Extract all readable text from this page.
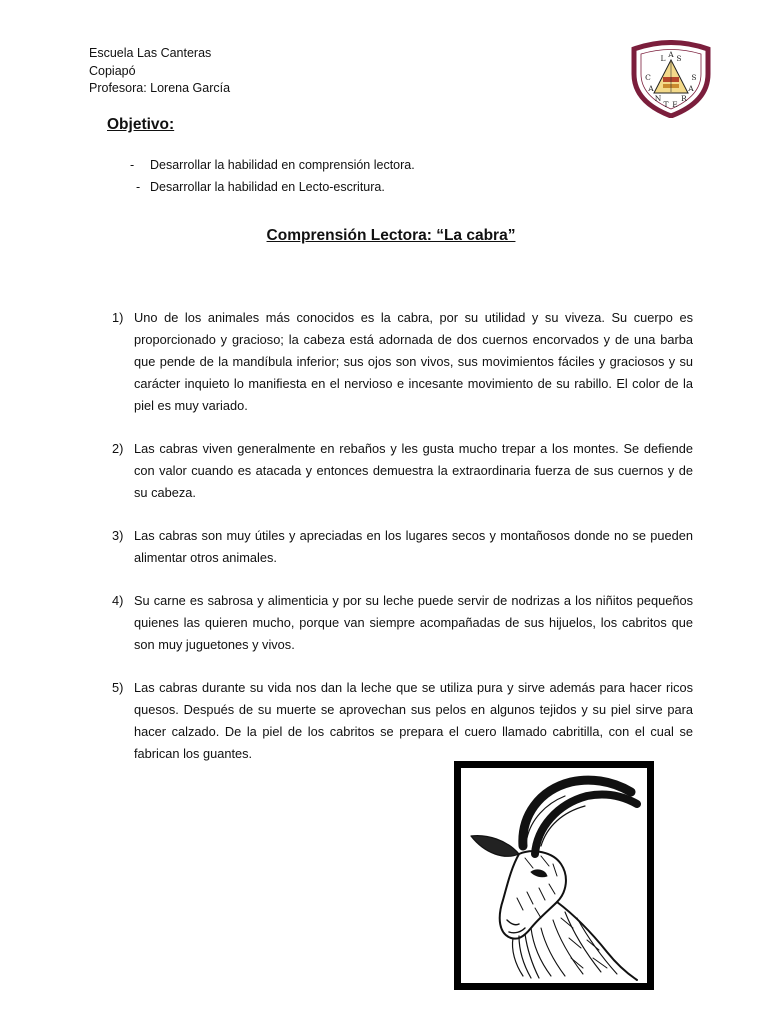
Escuela Las Canteras
Copiapó
Profesora: Lorena García
L A S
C
A
N
T E
R
A
S
Objetivo:
- Desarrollar la habilidad en comprensión lectora.
- Desarrollar la habilidad en Lecto-escritura.
Comprensión Lectora: “La cabra”
1) Uno de los animales más conocidos es la cabra, por su utilidad y su viveza. Su cuerpo es proporcionado y gracioso; la cabeza está adornada de dos cuernos encorvados y de una barba que pende de la mandíbula inferior; sus ojos son vivos, sus movimientos fáciles y graciosos y su carácter inquieto lo manifiesta en el nervioso e incesante movimiento de su rabillo. El color de la piel es muy variado.
2) Las cabras viven generalmente en rebaños y les gusta mucho trepar a los montes. Se defiende con valor cuando es atacada y entonces demuestra la extraordinaria fuerza de sus cuernos y de su cabeza.
3) Las cabras son muy útiles y apreciadas en los lugares secos y montañosos donde no se pueden alimentar otros animales.
4) Su carne es sabrosa y alimenticia y por su leche puede servir de nodrizas a los niñitos pequeños quienes las quieren mucho, porque van siempre acompañadas de sus hijuelos, los cabritos que son muy juguetones y vivos.
5) Las cabras durante su vida nos dan la leche que se utiliza pura y sirve además para hacer ricos quesos. Después de su muerte se aprovechan sus pelos en algunos tejidos y su piel sirve para hacer calzado. De la piel de los cabritos se prepara el cuero llamado cabritilla, con el cual se fabrican los guantes.
